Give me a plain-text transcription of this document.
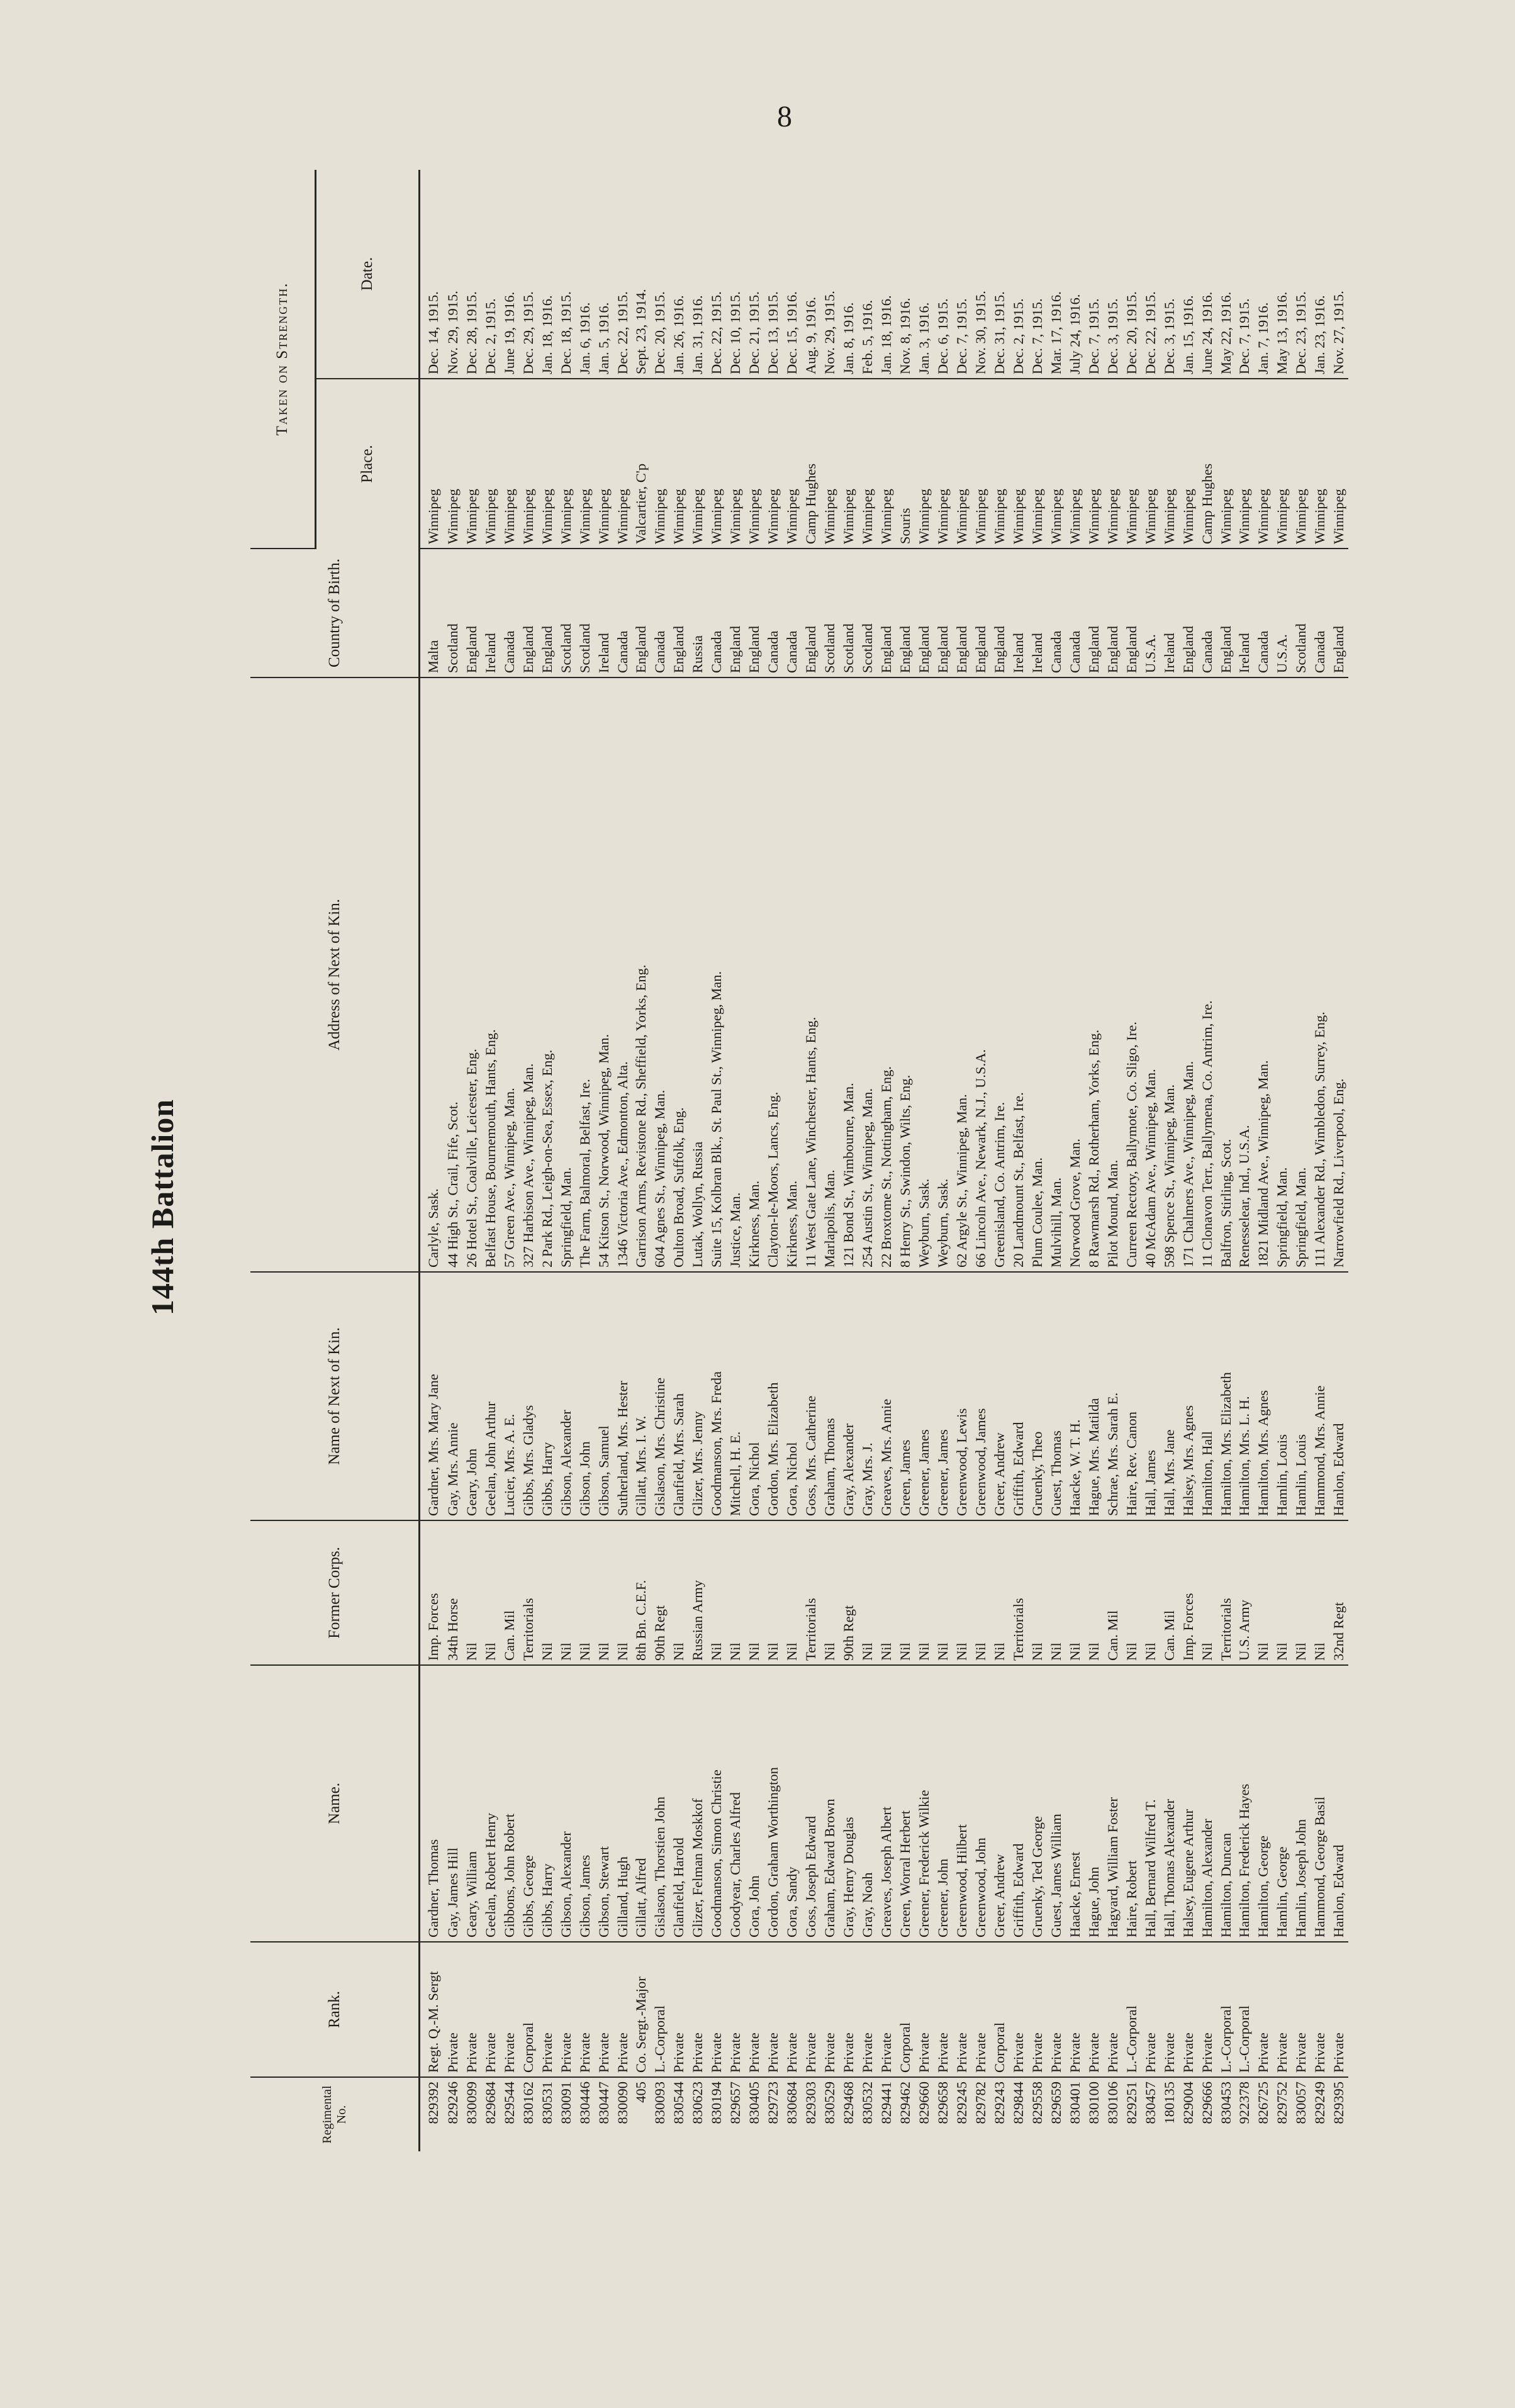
8
144th Battalion
Regimental No.	Rank.	Name.	Former Corps.	Name of Next of Kin.	Address of Next of Kin.	Country of Birth.	Taken on Strength.	
							Place.	Date.
829392	Regt. Q.-M. Sergt	Gardner, Thomas	Imp. Forces	Gardner, Mrs. Mary Jane	Carlyle, Sask.	Malta	Winnipeg	Dec. 14, 1915.
829246	Private	Gay, James Hill	34th Horse	Gay, Mrs. Annie	44 High St., Crail, Fife, Scot.	Scotland	Winnipeg	Nov. 29, 1915.
830099	Private	Geary, William	Nil	Geary, John	26 Hotel St., Coalville, Leicester, Eng.	England	Winnipeg	Dec. 28, 1915.
829684	Private	Geelan, Robert Henry	Nil	Geelan, John Arthur	Belfast House, Bournemouth, Hants, Eng.	Ireland	Winnipeg	Dec. 2, 1915.
829544	Private	Gibbons, John Robert	Can. Mil	Lucier, Mrs. A. E.	57 Green Ave., Winnipeg, Man.	Canada	Winnipeg	June 19, 1916.
830162	Corporal	Gibbs, George	Territorials	Gibbs, Mrs. Gladys	327 Harbison Ave., Winnipeg, Man.	England	Winnipeg	Dec. 29, 1915.
830531	Private	Gibbs, Harry	Nil	Gibbs, Harry	2 Park Rd., Leigh-on-Sea, Essex, Eng.	England	Winnipeg	Jan. 18, 1916.
830091	Private	Gibson, Alexander	Nil	Gibson, Alexander	Springfield, Man.	Scotland	Winnipeg	Dec. 18, 1915.
830446	Private	Gibson, James	Nil	Gibson, John	The Farm, Balmoral, Belfast, Ire.	Scotland	Winnipeg	Jan. 6, 1916.
830447	Private	Gibson, Stewart	Nil	Gibson, Samuel	54 Kitson St., Norwood, Winnipeg, Man.	Ireland	Winnipeg	Jan. 5, 1916.
830090	Private	Gilland, Hugh	Nil	Sutherland, Mrs. Hester	1346 Victoria Ave., Edmonton, Alta.	Canada	Winnipeg	Dec. 22, 1915.
405	Co. Sergt.-Major	Gillatt, Alfred	8th Bn. C.E.F.	Gillatt, Mrs. I. W.	Garrison Arms, Revistone Rd., Sheffield, Yorks, Eng.	England	Valcartier, C'p	Sept. 23, 1914.
830093	L.-Corporal	Gislason, Thorstien John	90th Regt	Gislason, Mrs. Christine	604 Agnes St., Winnipeg, Man.	Canada	Winnipeg	Dec. 20, 1915.
830544	Private	Glanfield, Harold	Nil	Glanfield, Mrs. Sarah	Oulton Broad, Suffolk, Eng.	England	Winnipeg	Jan. 26, 1916.
830623	Private	Glizer, Felman Moskkof	Russian Army	Glizer, Mrs. Jenny	Lutak, Wollyn, Russia	Russia	Winnipeg	Jan. 31, 1916.
830194	Private	Goodmanson, Simon Christie	Nil	Goodmanson, Mrs. Freda	Suite 15, Kolbran Blk., St. Paul St., Winnipeg, Man.	Canada	Winnipeg	Dec. 22, 1915.
829657	Private	Goodyear, Charles Alfred	Nil	Mitchell, H. E.	Justice, Man.	England	Winnipeg	Dec. 10, 1915.
830405	Private	Gora, John	Nil	Gora, Nichol	Kirkness, Man.	England	Winnipeg	Dec. 21, 1915.
829723	Private	Gordon, Graham Worthington	Nil	Gordon, Mrs. Elizabeth	Clayton-le-Moors, Lancs, Eng.	Canada	Winnipeg	Dec. 13, 1915.
830684	Private	Gora, Sandy	Nil	Gora, Nichol	Kirkness, Man.	Canada	Winnipeg	Dec. 15, 1916.
829303	Private	Goss, Joseph Edward	Territorials	Goss, Mrs. Catherine	11 West Gate Lane, Winchester, Hants, Eng.	England	Camp Hughes	Aug. 9, 1916.
830529	Private	Graham, Edward Brown	Nil	Graham, Thomas	Marlapolis, Man.	Scotland	Winnipeg	Nov. 29, 1915.
829468	Private	Gray, Henry Douglas	90th Regt	Gray, Alexander	121 Bond St., Wimbourne, Man.	Scotland	Winnipeg	Jan. 8, 1916.
830532	Private	Gray, Noah	Nil	Gray, Mrs. J.	254 Austin St., Winnipeg, Man.	Scotland	Winnipeg	Feb. 5, 1916.
829441	Private	Greaves, Joseph Albert	Nil	Greaves, Mrs. Annie	22 Broxtome St., Nottingham, Eng.	England	Winnipeg	Jan. 18, 1916.
829462	Corporal	Green, Worral Herbert	Nil	Green, James	8 Henry St., Swindon, Wilts, Eng.	England	Souris	Nov. 8, 1916.
829660	Private	Greener, Frederick Wilkie	Nil	Greener, James	Weyburn, Sask.	England	Winnipeg	Jan. 3, 1916.
829658	Private	Greener, John	Nil	Greener, James	Weyburn, Sask.	England	Winnipeg	Dec. 6, 1915.
829245	Private	Greenwood, Hilbert	Nil	Greenwood, Lewis	62 Argyle St., Winnipeg, Man.	England	Winnipeg	Dec. 7, 1915.
829782	Private	Greenwood, John	Nil	Greenwood, James	66 Lincoln Ave., Newark, N.J., U.S.A.	England	Winnipeg	Nov. 30, 1915.
829243	Corporal	Greer, Andrew	Nil	Greer, Andrew	Greenisland, Co. Antrim, Ire.	England	Winnipeg	Dec. 31, 1915.
829844	Private	Griffith, Edward	Territorials	Griffith, Edward	20 Landmount St., Belfast, Ire.	Ireland	Winnipeg	Dec. 2, 1915.
829558	Private	Gruenky, Ted George	Nil	Gruenky, Theo	Plum Coulee, Man.	Ireland	Winnipeg	Dec. 7, 1915.
829659	Private	Guest, James William	Nil	Guest, Thomas	Mulvihill, Man.	Canada	Winnipeg	Mar. 17, 1916.
830401	Private	Haacke, Ernest	Nil	Haacke, W. T. H.	Norwood Grove, Man.	Canada	Winnipeg	July 24, 1916.
830100	Private	Hague, John	Nil	Hague, Mrs. Matilda	8 Rawmarsh Rd., Rotherham, Yorks, Eng.	England	Winnipeg	Dec. 7, 1915.
830106	Private	Hagyard, William Foster	Can. Mil	Schrae, Mrs. Sarah E.	Pilot Mound, Man.	England	Winnipeg	Dec. 3, 1915.
829251	L.-Corporal	Haire, Robert	Nil	Haire, Rev. Canon	Curreen Rectory, Ballymote, Co. Sligo, Ire.	England	Winnipeg	Dec. 20, 1915.
830457	Private	Hall, Bernard Wilfred T.	Nil	Hall, James	40 McAdam Ave., Winnipeg, Man.	U.S.A.	Winnipeg	Dec. 22, 1915.
180135	Private	Hall, Thomas Alexander	Can. Mil	Hall, Mrs. Jane	598 Spence St., Winnipeg, Man.	Ireland	Winnipeg	Dec. 3, 1915.
829004	Private	Halsey, Eugene Arthur	Imp. Forces	Halsey, Mrs. Agnes	171 Chalmers Ave., Winnipeg, Man.	England	Winnipeg	Jan. 15, 1916.
829666	Private	Hamilton, Alexander	Nil	Hamilton, Hall	11 Clonavon Terr., Ballymena, Co. Antrim, Ire.	Canada	Camp Hughes	June 24, 1916.
830453	L.-Corporal	Hamilton, Duncan	Territorials	Hamilton, Mrs. Elizabeth	Balfron, Stirling, Scot.	England	Winnipeg	May 22, 1916.
922378	L.-Corporal	Hamilton, Frederick Hayes	U.S. Army	Hamilton, Mrs. L. H.	Renesselear, Ind., U.S.A.	Ireland	Winnipeg	Dec. 7, 1915.
826725	Private	Hamilton, George	Nil	Hamilton, Mrs. Agnes	1821 Midland Ave., Winnipeg, Man.	Canada	Winnipeg	Jan. 7, 1916.
829752	Private	Hamlin, George	Nil	Hamlin, Louis	Springfield, Man.	U.S.A.	Winnipeg	May 13, 1916.
830057	Private	Hamlin, Joseph John	Nil	Hamlin, Louis	Springfield, Man.	Scotland	Winnipeg	Dec. 23, 1915.
829249	Private	Hammond, George Basil	Nil	Hammond, Mrs. Annie	111 Alexander Rd., Wimbledon, Surrey, Eng.	Canada	Winnipeg	Jan. 23, 1916.
829395	Private	Hanlon, Edward	32nd Regt	Hanlon, Edward	Narrowfield Rd., Liverpool, Eng.	England	Winnipeg	Nov. 27, 1915.
